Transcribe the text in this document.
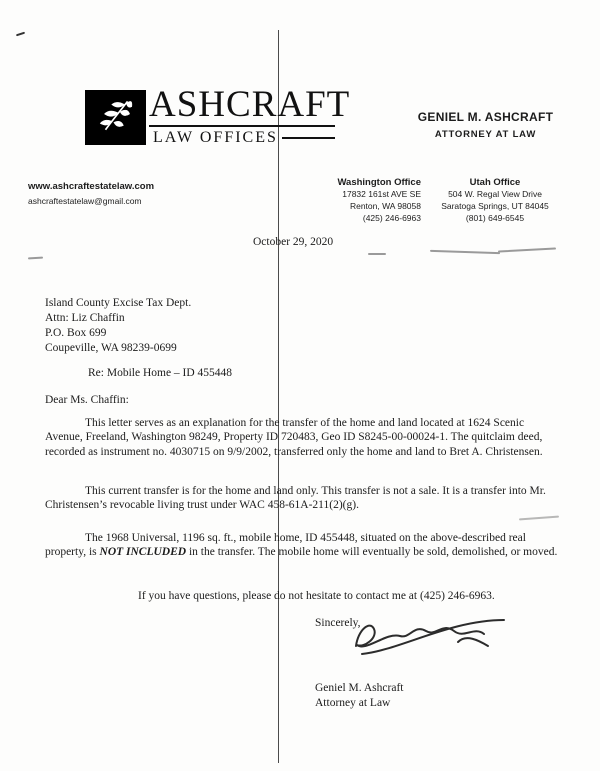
ASHCRAFT
LAW OFFICES
GENIEL M. ASHCRAFT
ATTORNEY AT LAW
www.ashcraftestatelaw.com
ashcraftestatelaw@gmail.com
Washington Office
17832 161st AVE SE
Renton, WA 98058
(425) 246-6963
Utah Office
504 W. Regal View Drive
Saratoga Springs, UT 84045
(801) 649-6545
October 29, 2020
Island County Excise Tax Dept.
Attn: Liz Chaffin
P.O. Box 699
Coupeville, WA 98239-0699
Re: Mobile Home – ID 455448
Dear Ms. Chaffin:
This letter serves as an explanation for the transfer of the home and land located at 1624 Scenic Avenue, Freeland, Washington 98249, Property ID 720483, Geo ID S8245-00-00024-1. The quitclaim deed, recorded as instrument no. 4030715 on 9/9/2002, transferred only the home and land to Bret A. Christensen.
This current transfer is for the home and land only. This transfer is not a sale. It is a transfer into Mr. Christensen’s revocable living trust under WAC 458-61A-211(2)(g).
The 1968 Universal, 1196 sq. ft., mobile home, ID 455448, situated on the above-described real property, is NOT INCLUDED in the transfer. The mobile home will eventually be sold, demolished, or moved.
If you have questions, please do not hesitate to contact me at (425) 246-6963.
Sincerely,
Geniel M. Ashcraft
Attorney at Law
